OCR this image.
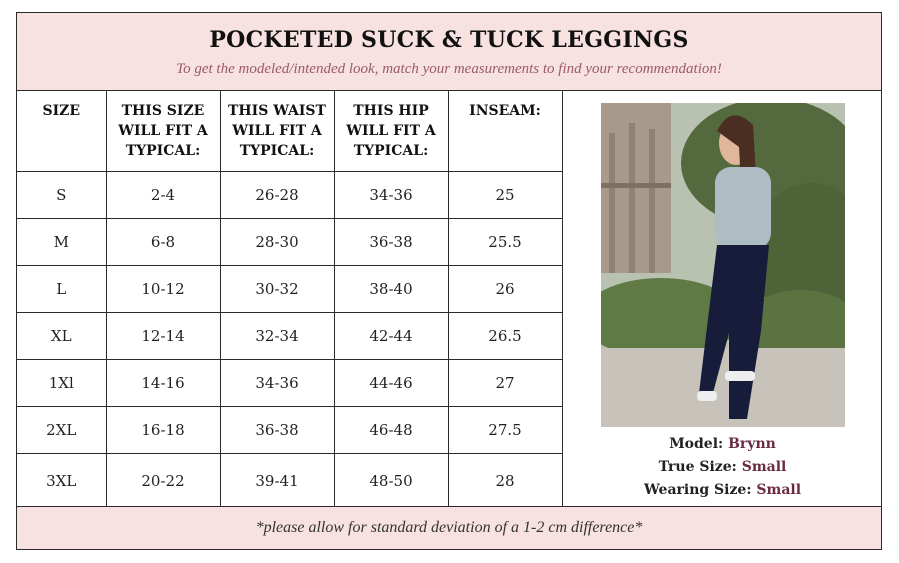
POCKETED SUCK & TUCK LEGGINGS
To get the modeled/intended look, match your measurements to find your recommendation!
SIZE	THIS SIZE WILL FIT A TYPICAL:	THIS WAIST WILL FIT A TYPICAL:	THIS HIP WILL FIT A TYPICAL:	INSEAM:
S	2-4	26-28	34-36	25
M	6-8	28-30	36-38	25.5
L	10-12	30-32	38-40	26
XL	12-14	32-34	42-44	26.5
1Xl	14-16	34-36	44-46	27
2XL	16-18	36-38	46-48	27.5
3XL	20-22	39-41	48-50	28
Model: Brynn
True Size: Small
Wearing Size: Small
*please allow for standard deviation of a 1-2 cm difference*
